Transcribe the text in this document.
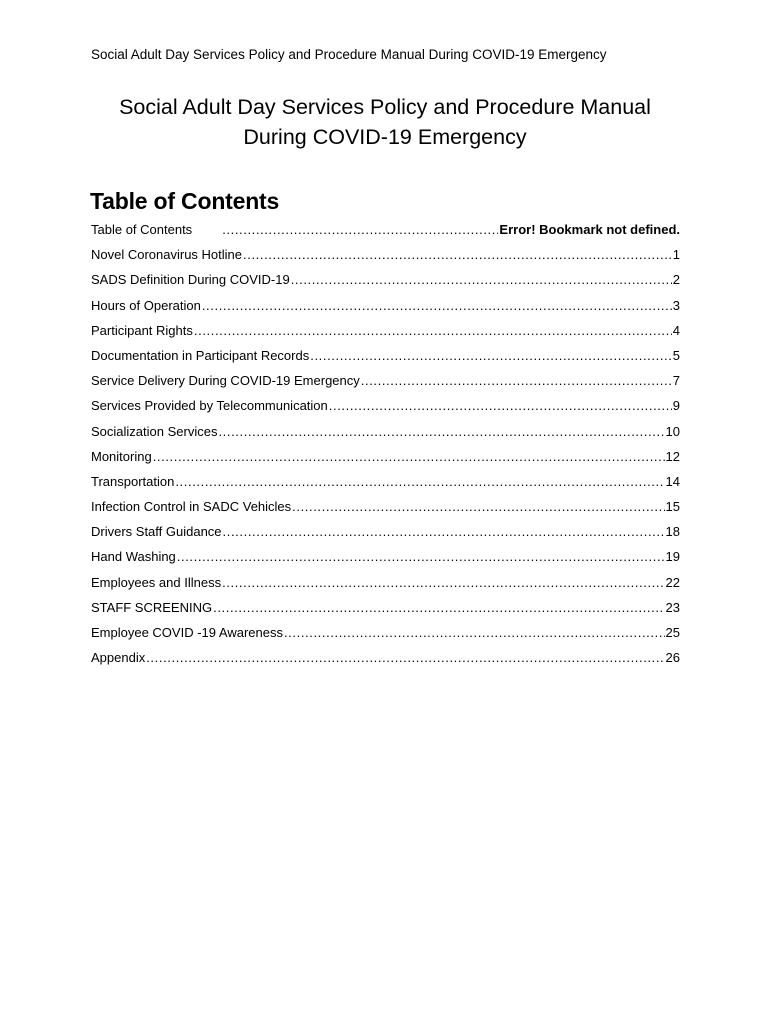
Social Adult Day Services Policy and Procedure Manual During COVID-19 Emergency
Social Adult Day Services Policy and Procedure Manual
During COVID-19 Emergency
Table of Contents
Table of Contents .....	Error! Bookmark not defined.
Novel Coronavirus Hotline .....	1
SADS Definition During COVID-19 .....	2
Hours of Operation .....	3
Participant Rights .....	4
Documentation in Participant Records .....	5
Service Delivery During COVID-19 Emergency .....	7
Services Provided by Telecommunication .....	9
Socialization Services .....	10
Monitoring .....	12
Transportation .....	14
Infection Control in SADC Vehicles .....	15
Drivers Staff Guidance .....	18
Hand Washing .....	19
Employees and Illness .....	22
STAFF SCREENING .....	23
Employee COVID -19 Awareness .....	25
Appendix .....	26
